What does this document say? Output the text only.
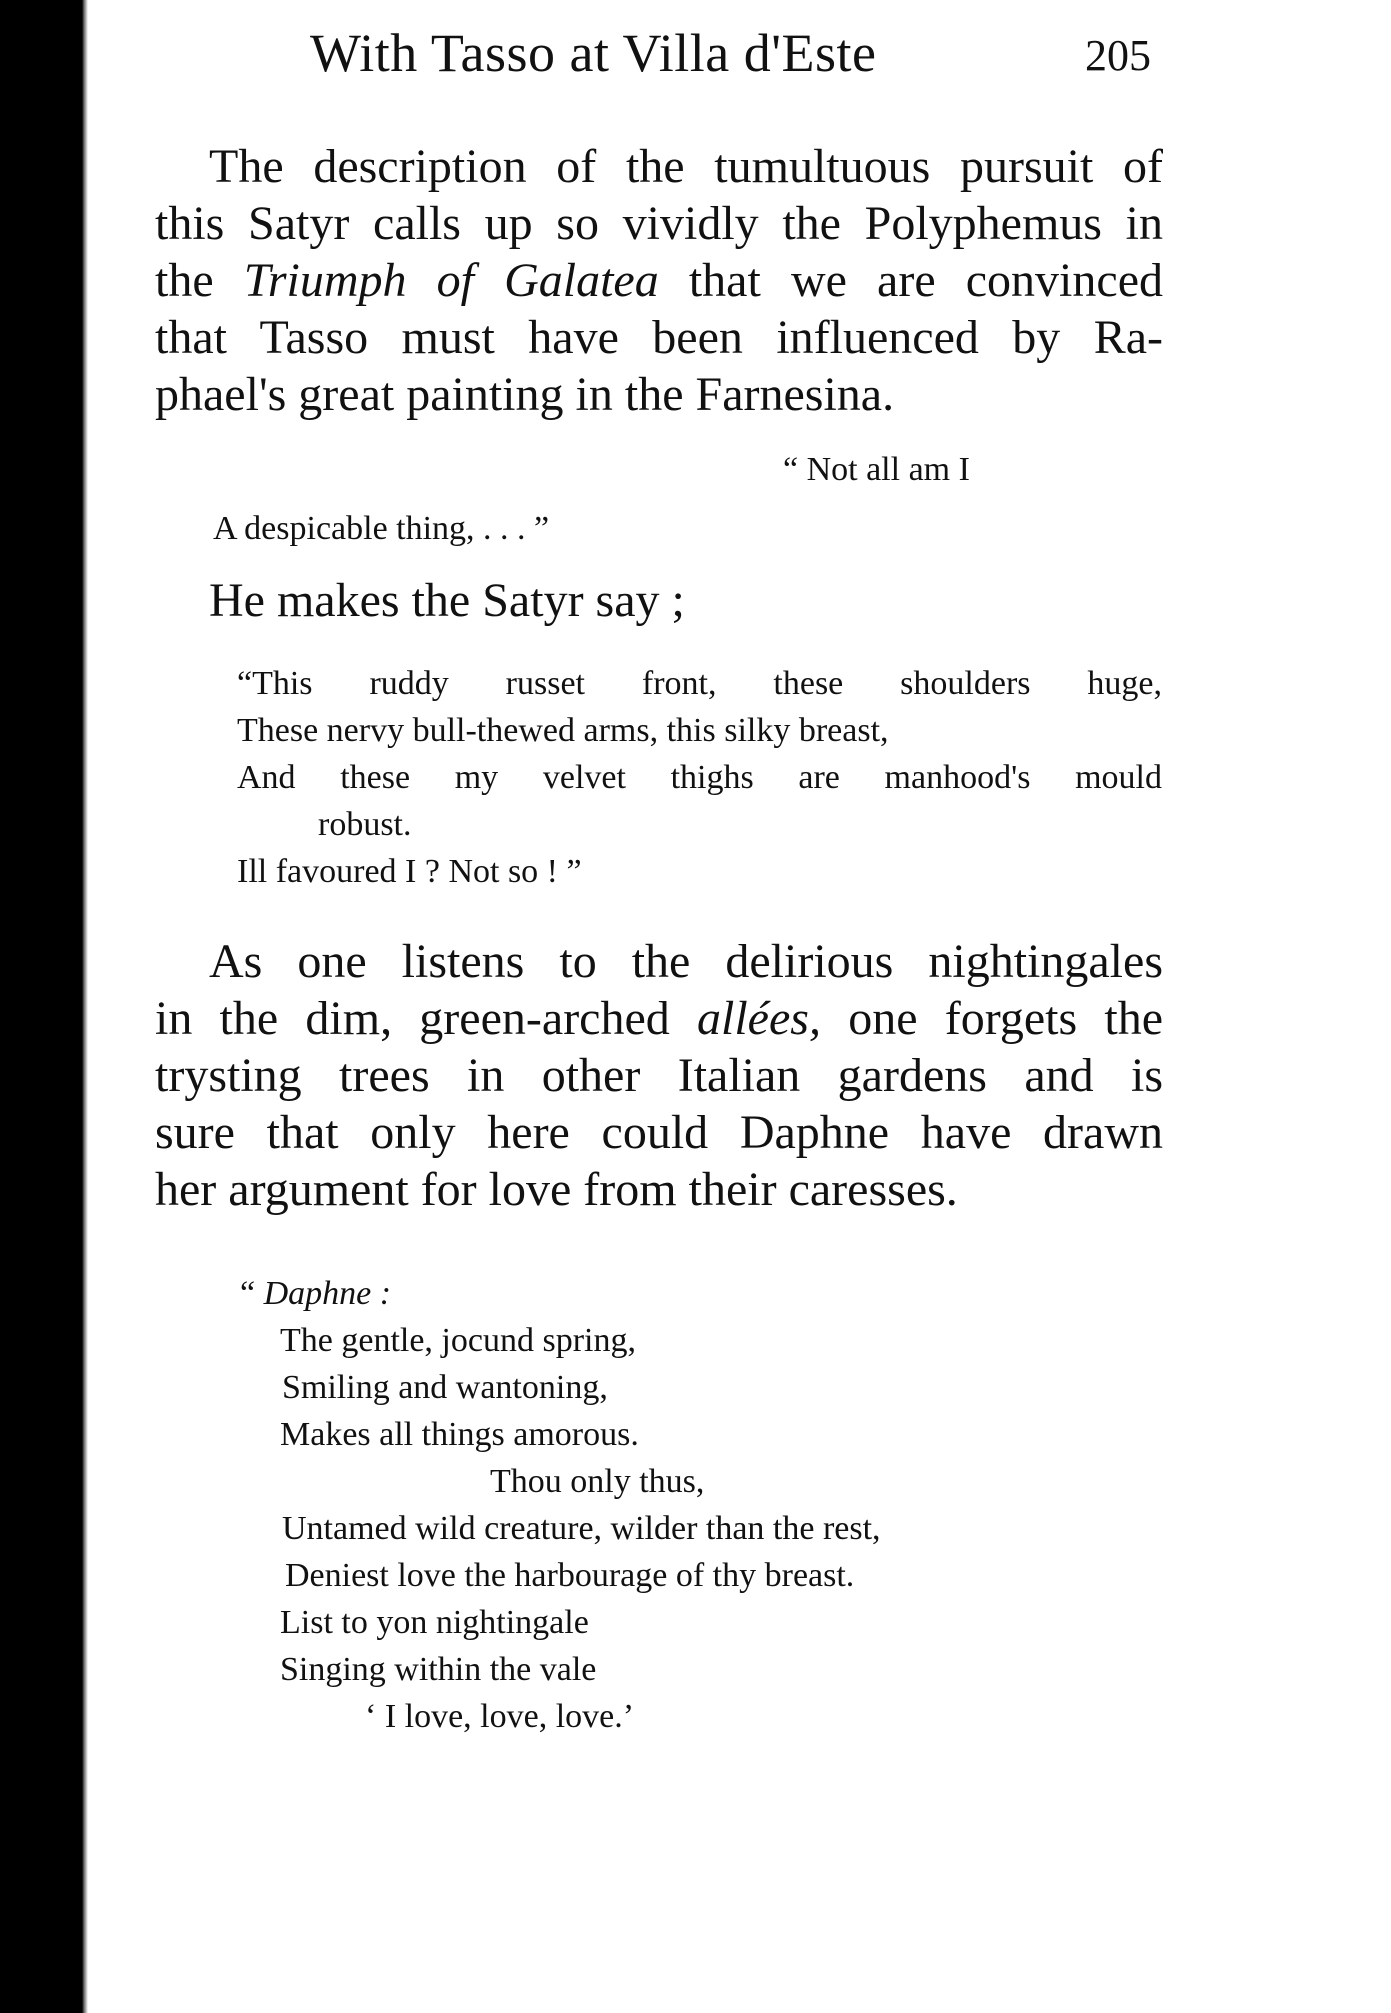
With Tasso at Villa d'Este	205
The description of the tumultuous pursuit of
this Satyr calls up so vividly the Polyphemus in
the Triumph of Galatea that we are convinced
that Tasso must have been influenced by Ra-
phael's great painting in the Farnesina.
“ Not all am I
A despicable thing, . . . ”
He makes the Satyr say ;
“This ruddy russet front, these shoulders huge,
These nervy bull-thewed arms, this silky breast,
And these my velvet thighs are manhood's mould
robust.
Ill favoured I ? Not so ! ”
As one listens to the delirious nightingales
in the dim, green-arched allées, one forgets the
trysting trees in other Italian gardens and is
sure that only here could Daphne have drawn
her argument for love from their caresses.
“ Daphne :
The gentle, jocund spring,
Smiling and wantoning,
Makes all things amorous.
Thou only thus,
Untamed wild creature, wilder than the rest,
Deniest love the harbourage of thy breast.
List to yon nightingale
Singing within the vale
‘ I love, love, love.’
